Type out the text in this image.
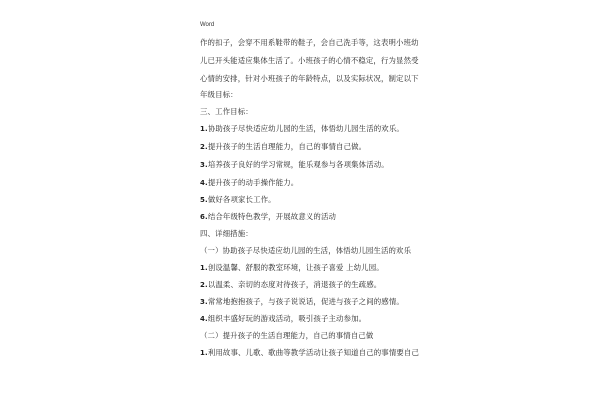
Word
作的扣子，会穿不用系鞋带的鞋子，会自己洗手等，这表明小班幼
儿已开头能适应集体生活了。小班孩子的心情不稳定，行为显然受
心情的安排，针对小班孩子的年龄特点，以及实际状况，制定以下
年级目标：
三、工作目标：
1.协助孩子尽快适应幼儿园的生活，体悟幼儿园生活的欢乐。
2.提升孩子的生活自理能力，自己的事情自己做。
3.培养孩子良好的学习常规，能乐观参与各项集体活动。
4.提升孩子的动手操作能力。
5.做好各项家长工作。
6.结合年级特色教学，开展故意义的活动
四、详细措施：
（一）协助孩子尽快适应幼儿园的生活，体悟幼儿园生活的欢乐
1.创设温馨、舒服的教室环境，让孩子喜爱 上幼儿园。
2.以温柔、亲切的态度对待孩子，消退孩子的生疏感。
3.常常地抱抱孩子，与孩子说说话，促进与孩子之间的感情。
4.组织丰盛好玩的游戏活动，吸引孩子主动参加。
（二）提升孩子的生活自理能力，自己的事情自己做
1.利用故事、儿歌、歌曲等教学活动让孩子知道自己的事情要自己
